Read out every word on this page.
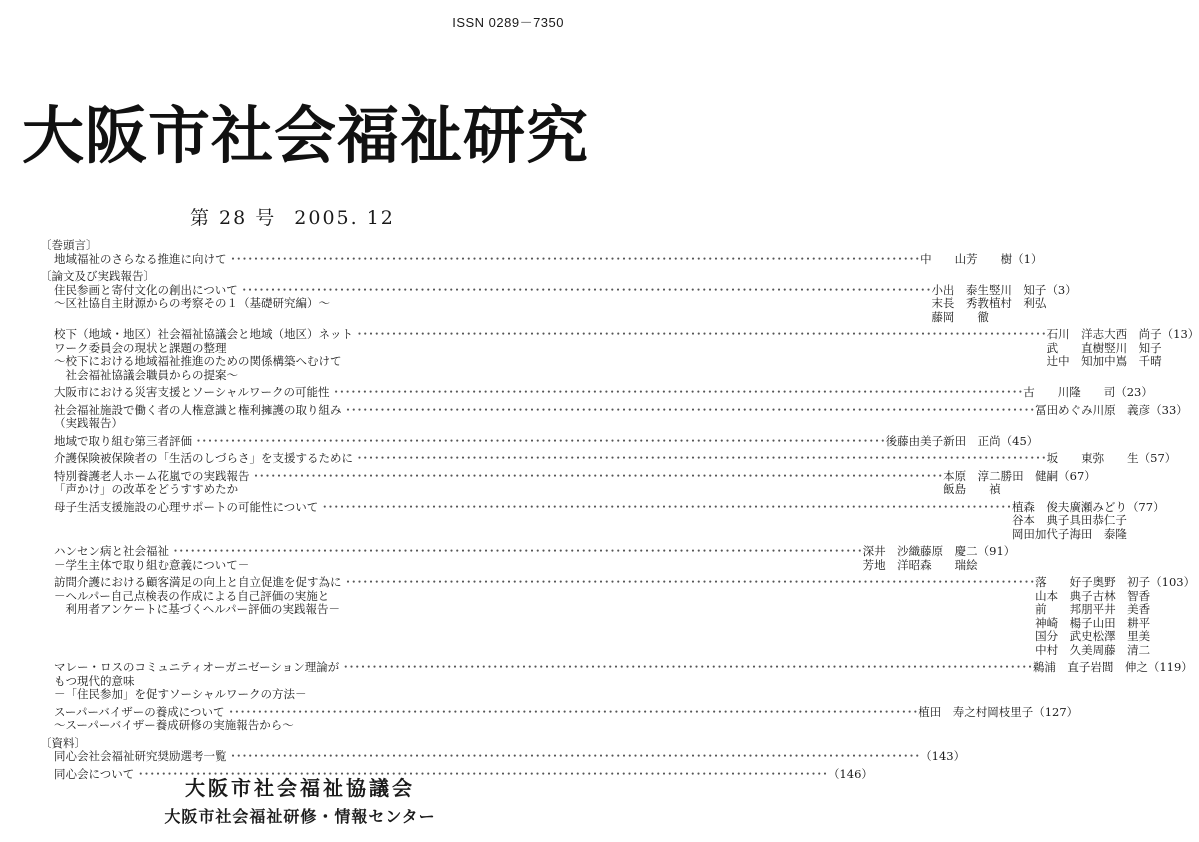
ISSN 0289－7350
大阪市社会福祉研究
第 28 号 2005. 12
〔巻頭言〕
地域福祉のさらなる推進に向けて ････････････････････････････････････････････････････････････････････････････････････････････････････････････････････････ 中　　山 芳　　樹 （1）
〔論文及び実践報告〕
住民参画と寄付文化の創出について ････････････････････････････････････････････････････････････････････････････････････････････････････････････････････････
～区社協自主財源からの考察その１（基礎研究編）～
小出　泰生 竪川　知子
末長　秀教 植村　利弘
藤岡　　徹
（3）
校下（地域・地区）社会福祉協議会と地域（地区）ネット ････････････････････････････････････････････････････････････････････････････････････････････････････････････････････････
ワーク委員会の現状と課題の整理
～校下における地域福祉推進のための関係構築へむけて
　社会福祉協議会職員からの提案～
石川　洋志 大西　尚子
武　　直樹 竪川　知子
辻中　知加 中嶌　千晴
（13）
大阪市における災害支援とソーシャルワークの可能性 ････････････････････････････････････････････････････････････････････････････････････････････････････････････････････････ 古　　川 隆　　司 （23）
社会福祉施設で働く者の人権意識と権利擁護の取り組み ････････････････････････････････････････････････････････････････････････････････････････････････････････････････････････
（実践報告）
冨田めぐみ 川原　義彦 （33）
地域で取り組む第三者評価 ････････････････････････････････････････････････････････････････････････････････････････････････････････････････････････ 後藤由美子 新田　正尚 （45）
介護保険被保険者の「生活のしづらさ」を支援するために ････････････････････････････････････････････････････････････････････････････････････････････････････････････････････････ 坂　　東 弥　　生 （57）
特別養護老人ホーム花嵐での実践報告 ････････････････････････････････････････････････････････････････････････････････････････････････････････････････････････
「声かけ」の改革をどうすすめたか
本原　淳二 勝田　健嗣
飯島　　禎
（67）
母子生活支援施設の心理サポートの可能性について ････････････････････････････････････････････････････････････････････････････････････････････････････････････････････････ 植森　俊夫 廣瀬みどり
谷本　典子 具田恭仁子
岡田加代子 海田　泰隆
（77）
ハンセン病と社会福祉 ････････････････････････････････････････････････････････････････････････････････････････････････････････････････････････
－学生主体で取り組む意義について－
深井　沙織 藤原　慶二
芳地　洋昭 森　　瑞絵
（91）
訪問介護における顧客満足の向上と自立促進を促す為に ････････････････････････････････････････････････････････････････････････････････････････････････････････････････････････
－ヘルパー自己点検表の作成による自己評価の実施と
　利用者アンケートに基づくヘルパー評価の実践報告－
落　　好子 奥野　初子
山本　典子 古林　智香
前　　邦朋 平井　美香
神崎　楊子 山田　耕平
国分　武史 松澤　里美
中村　久美 周藤　清二
（103）
マレー・ロスのコミュニティオーガニゼーション理論が ････････････････････････････････････････････････････････････････････････････････････････････････････････････････････････
もつ現代的意味
－「住民参加」を促すソーシャルワークの方法－
鵜浦　直子 岩間　伸之 （119）
スーパーバイザーの養成について ････････････････････････････････････････････････････････････････････････････････････････････････････････････････････････
～スーパーバイザー養成研修の実施報告から～
植田　寿之 村岡枝里子 （127）
〔資料〕
同心会社会福祉研究奨励選考一覧 ････････････････････････････････････････････････････････････････････････････････････････････････････････････････････････ （143）
同心会について ････････････････････････････････････････････････････････････････････････････････････････････････････････････････････････ （146）
大阪市社会福祉協議会
大阪市社会福祉研修・情報センター
